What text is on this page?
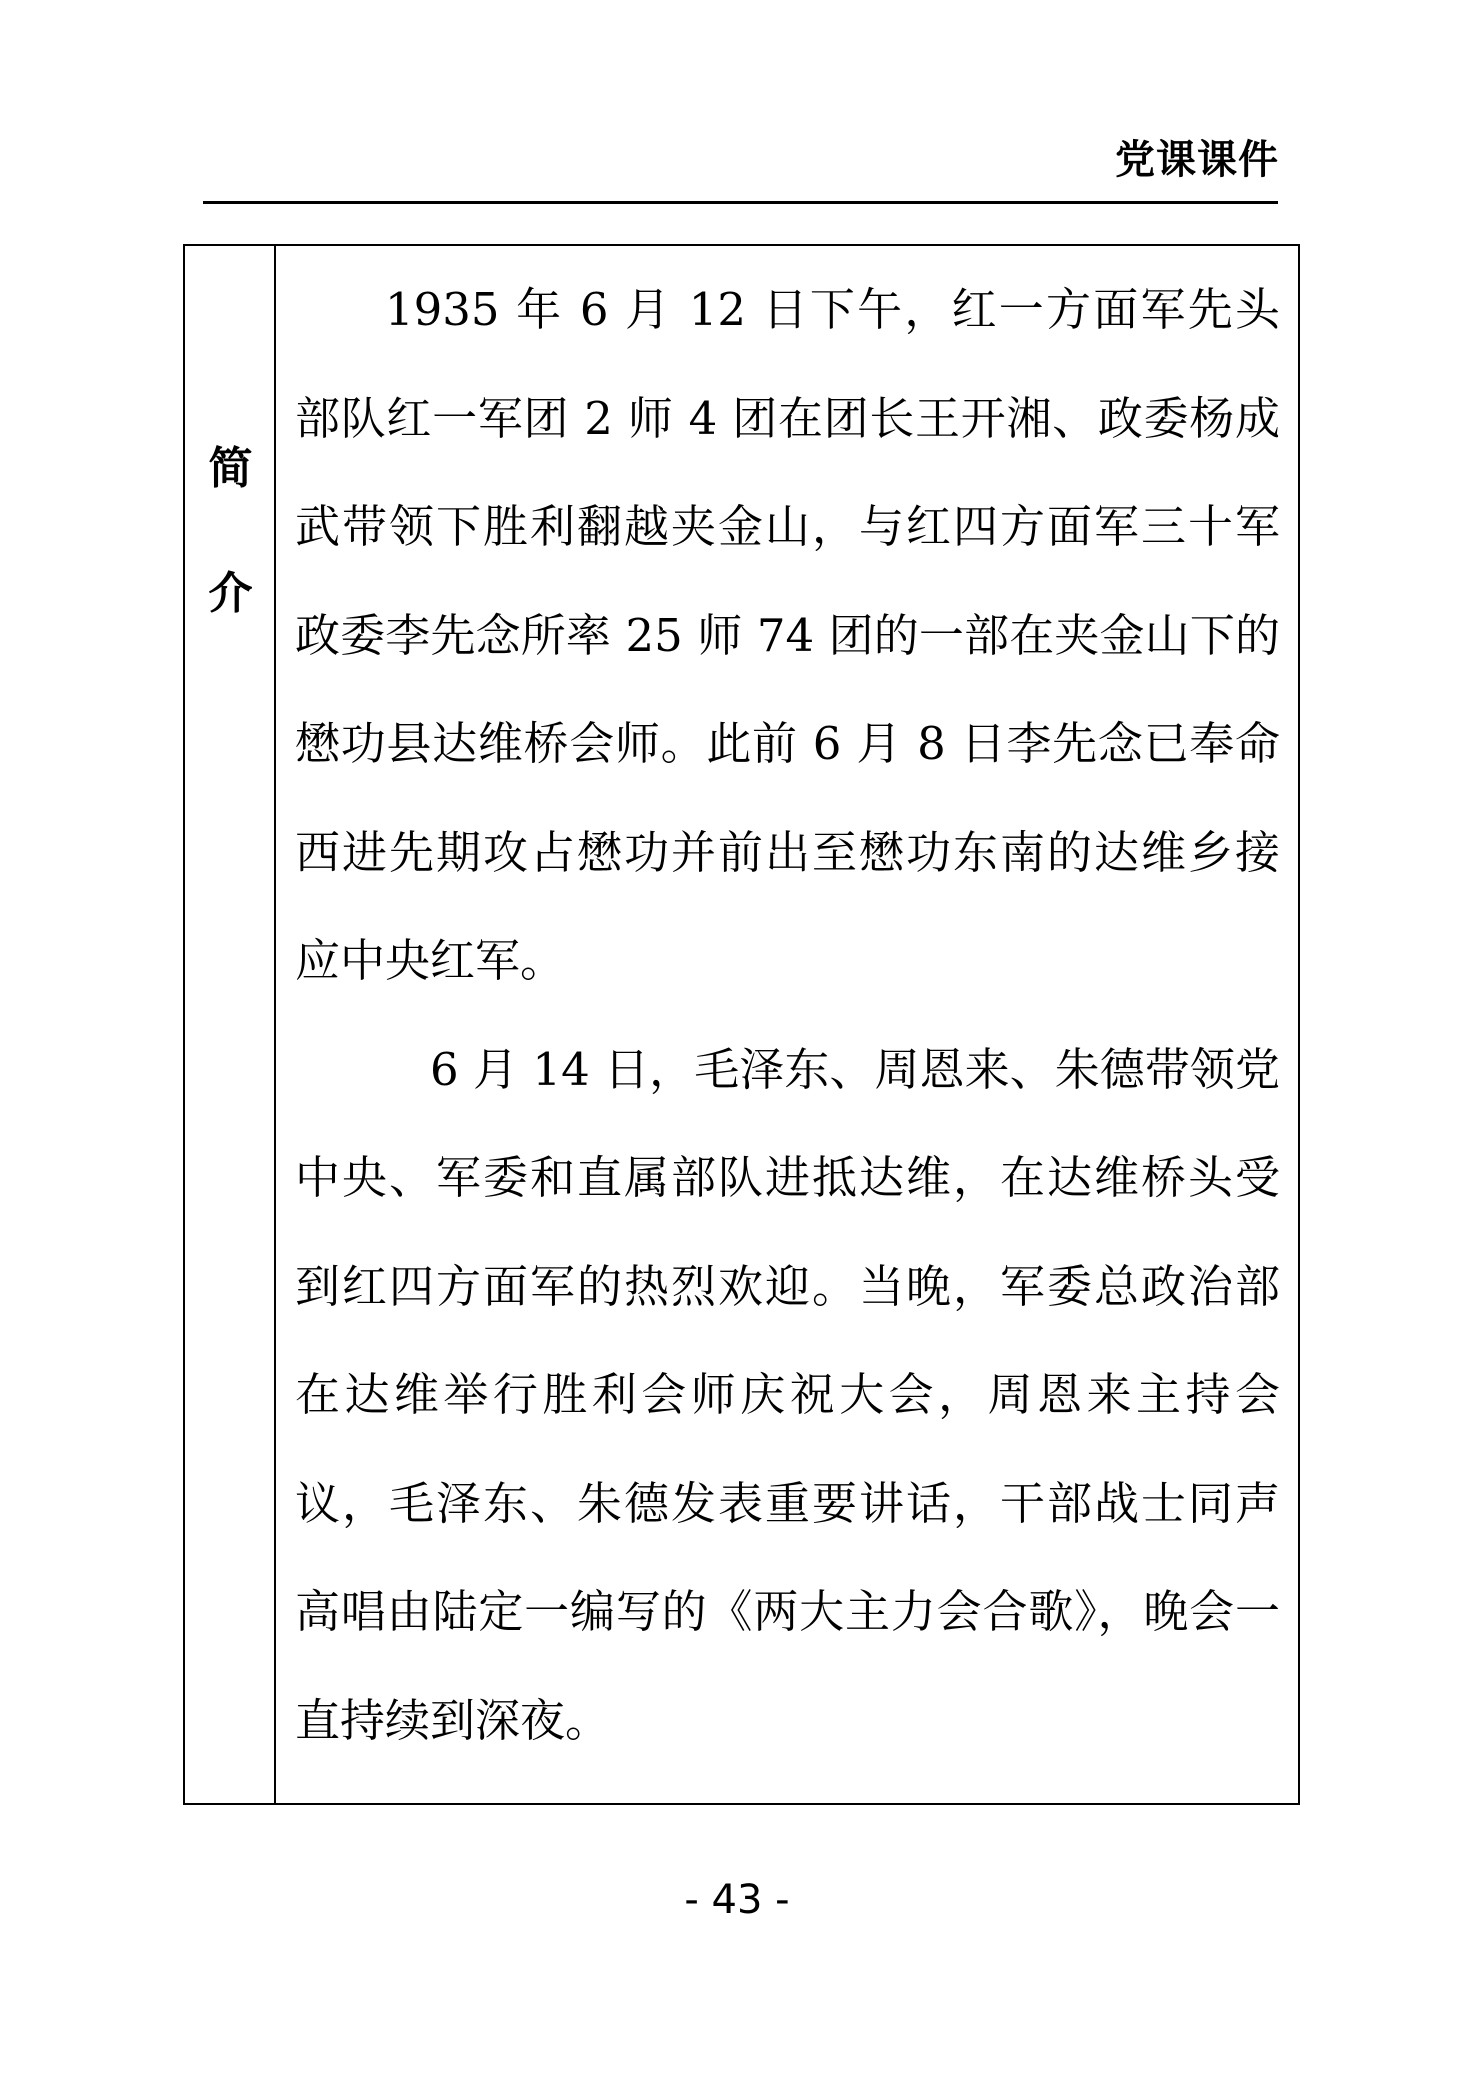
党课课件
简
介

1935 年 6 月 12 日下午，红一方面军先头部队红一军团 2 师 4 团在团长王开湘、政委杨成武带领下胜利翻越夹金山，与红四方面军三十军政委李先念所率 25 师 74 团的一部在夹金山下的懋功县达维桥会师。此前 6 月 8 日李先念已奉命西进先期攻占懋功并前出至懋功东南的达维乡接应中央红军。

6 月 14 日，毛泽东、周恩来、朱德带领党中央、军委和直属部队进抵达维，在达维桥头受到红四方面军的热烈欢迎。当晚，军委总政治部在达维举行胜利会师庆祝大会，周恩来主持会议，毛泽东、朱德发表重要讲话，干部战士同声高唱由陆定一编写的《两大主力会合歌》，晚会一直持续到深夜。

- 43 -
